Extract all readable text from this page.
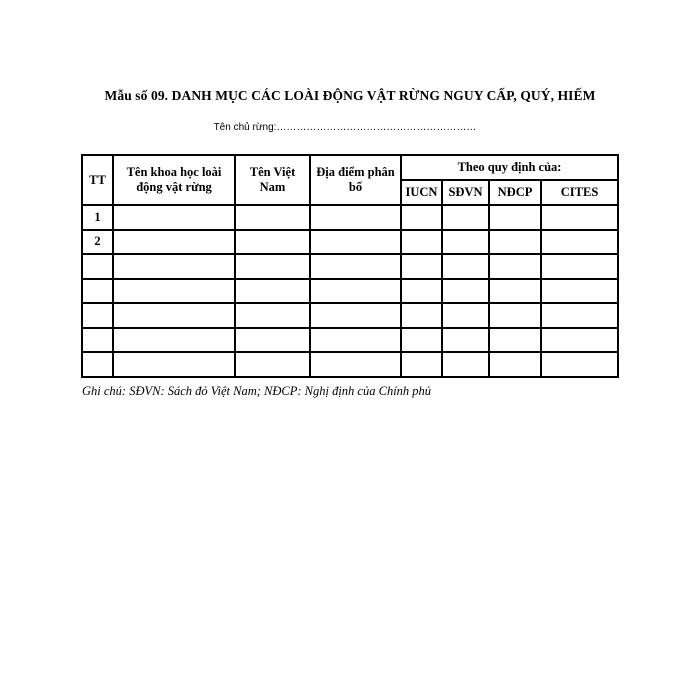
Mẫu số 09. DANH MỤC CÁC LOÀI ĐỘNG VẬT RỪNG NGUY CẤP, QUÝ, HIẾM
Tên chủ rừng:……………………………………………………
TT	Tên khoa học loài động vật rừng	Tên Việt Nam	Địa điểm phân bố	Theo quy định của:			
				IUCN	SĐVN	NĐCP	CITES
1							
2							

Ghi chú: SĐVN: Sách đỏ Việt Nam; NĐCP: Nghị định của Chính phủ
